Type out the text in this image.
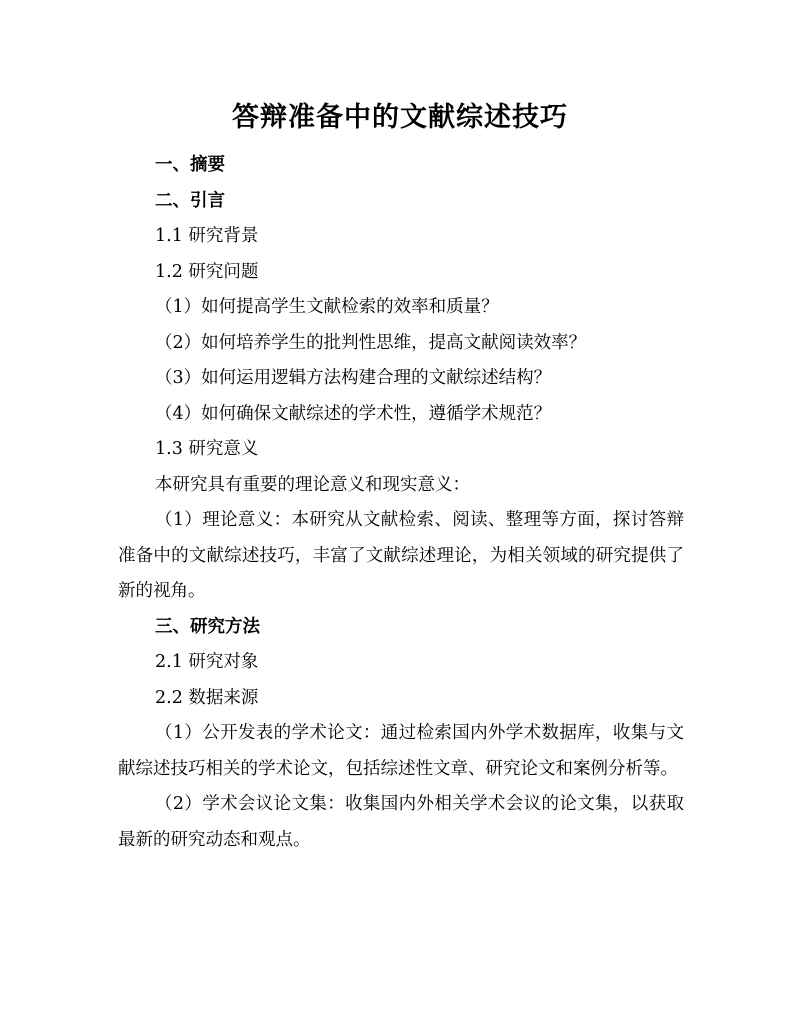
答辩准备中的文献综述技巧
一、摘要
二、引言
1.1 研究背景
1.2 研究问题
（1）如何提高学生文献检索的效率和质量？
（2）如何培养学生的批判性思维，提高文献阅读效率？
（3）如何运用逻辑方法构建合理的文献综述结构？
（4）如何确保文献综述的学术性，遵循学术规范？
1.3 研究意义
本研究具有重要的理论意义和现实意义：
（1）理论意义：本研究从文献检索、阅读、整理等方面，探讨答辩准备中的文献综述技巧，丰富了文献综述理论，为相关领域的研究提供了新的视角。
三、研究方法
2.1 研究对象
2.2 数据来源
（1）公开发表的学术论文：通过检索国内外学术数据库，收集与文献综述技巧相关的学术论文，包括综述性文章、研究论文和案例分析等。
（2）学术会议论文集：收集国内外相关学术会议的论文集，以获取最新的研究动态和观点。
